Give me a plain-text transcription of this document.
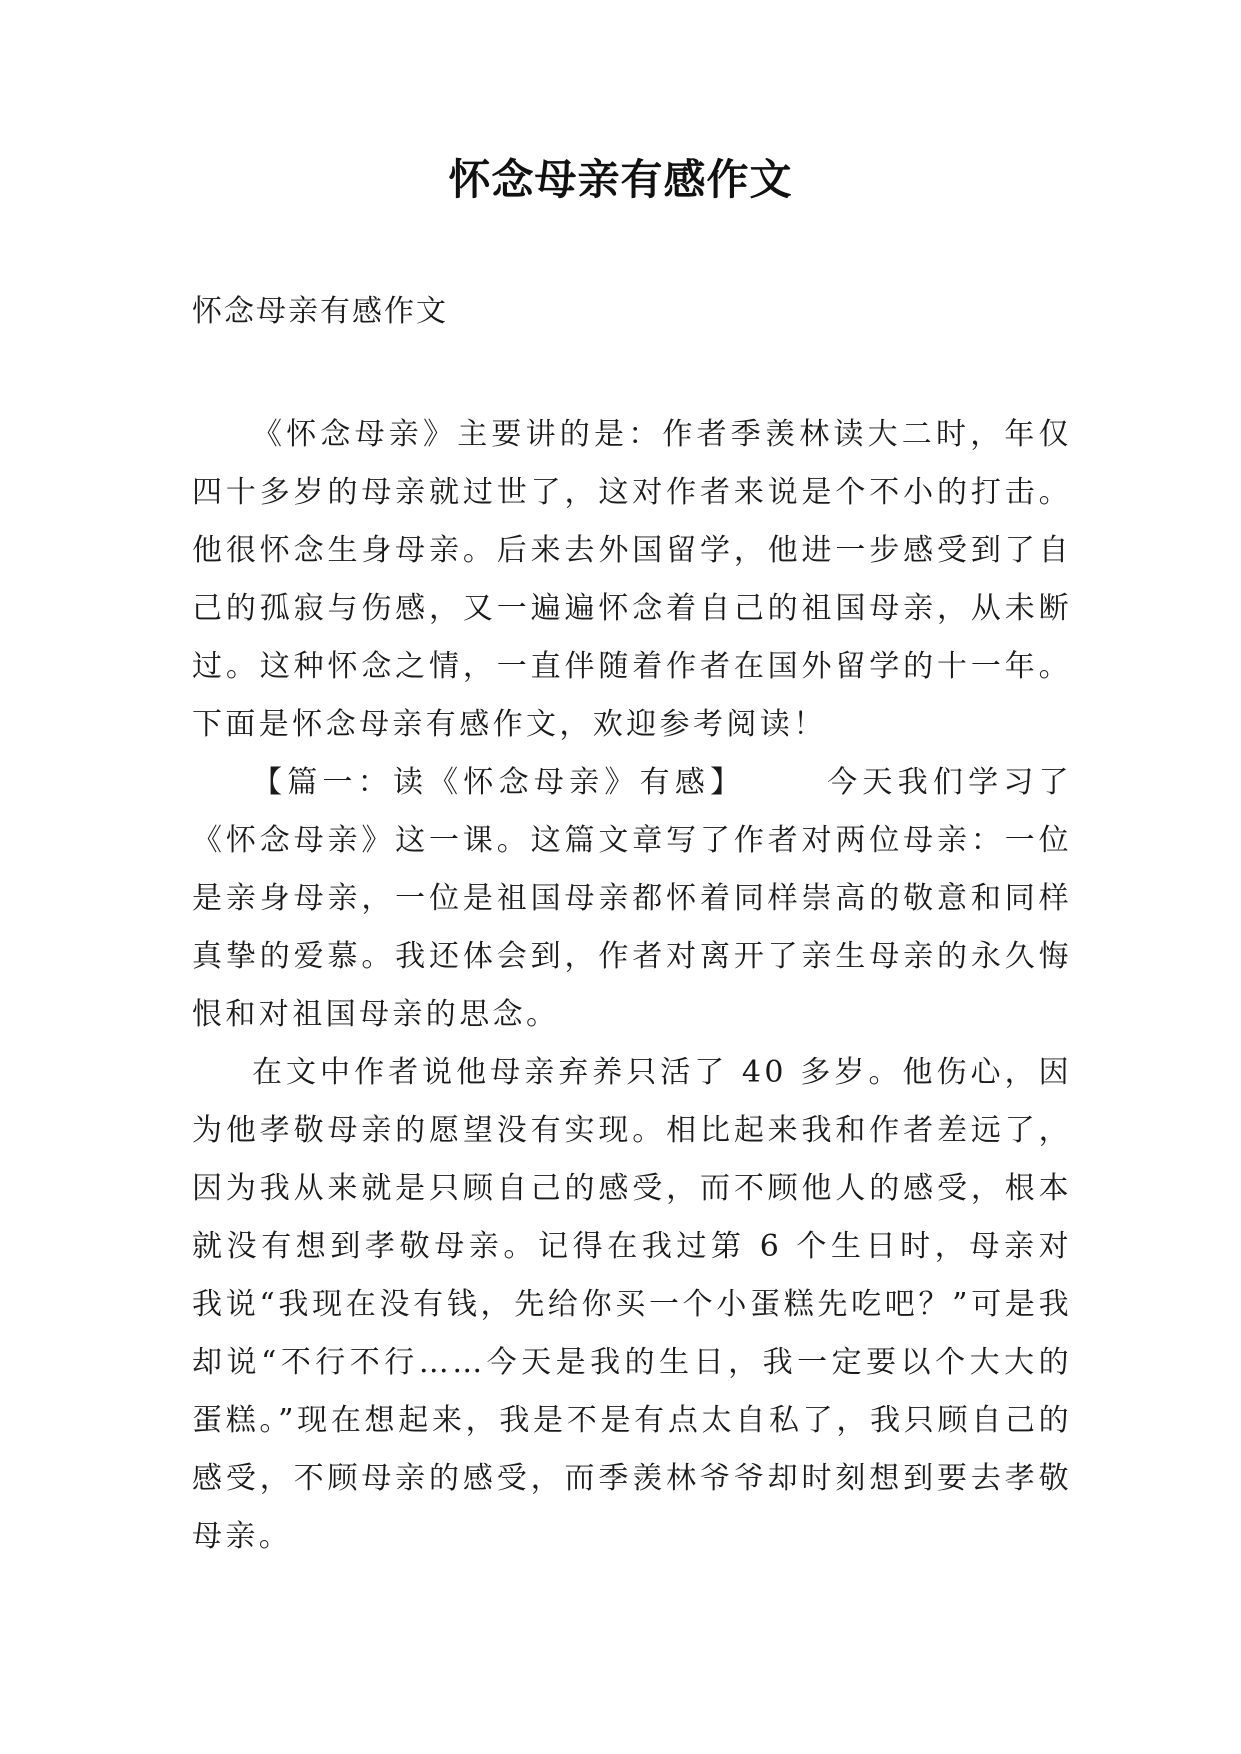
怀念母亲有感作文

怀念母亲有感作文

《怀念母亲》主要讲的是：作者季羡林读大二时，年仅四十多岁的母亲就过世了，这对作者来说是个不小的打击。他很怀念生身母亲。后来去外国留学，他进一步感受到了自己的孤寂与伤感，又一遍遍怀念着自己的祖国母亲，从未断过。这种怀念之情，一直伴随着作者在国外留学的十一年。下面是怀念母亲有感作文，欢迎参考阅读！

【篇一：读《怀念母亲》有感】	今天我们学习了《怀念母亲》这一课。这篇文章写了作者对两位母亲：一位是亲身母亲，一位是祖国母亲都怀着同样崇高的敬意和同样真挚的爱慕。我还体会到，作者对离开了亲生母亲的永久悔恨和对祖国母亲的思念。

在文中作者说他母亲弃养只活了 40 多岁。他伤心，因为他孝敬母亲的愿望没有实现。相比起来我和作者差远了，因为我从来就是只顾自己的感受，而不顾他人的感受，根本就没有想到孝敬母亲。记得在我过第 6 个生日时，母亲对我说“我现在没有钱，先给你买一个小蛋糕先吃吧？”可是我却说“不行不行……今天是我的生日，我一定要以个大大的蛋糕。”现在想起来，我是不是有点太自私了，我只顾自己的感受，不顾母亲的感受，而季羡林爷爷却时刻想到要去孝敬母亲。
